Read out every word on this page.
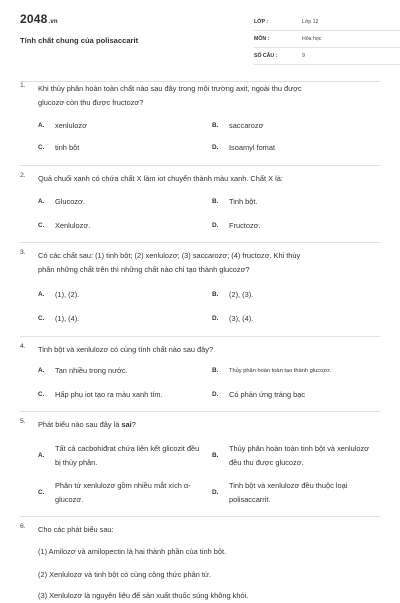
2048.vn
Tính chất chung của polisaccarit
LỚP :	Lớp 12
MÔN :	Hóa học
SỐ CÂU :	9
1. Khi thủy phân hoàn toàn chất nào sau đây trong môi trường axit, ngoài thu được
glucozơ còn thu được fructozơ?
A. xenlulozơ	B. saccarozơ
C. tinh bột	D. Isoamyl fomat
2. Quả chuối xanh có chứa chất X làm iot chuyển thành màu xanh. Chất X là:
A. Glucozơ.	B. Tinh bột.
C. Xenlulozơ.	D. Fructozơ.
3. Có các chất sau: (1) tinh bột; (2) xenlulozơ; (3) saccarozơ; (4) fructozơ. Khi thủy
phân những chất trên thì những chất nào chỉ tạo thành glucozơ?
A. (1), (2).	B. (2), (3).
C. (1), (4).	D. (3), (4).
4. Tinh bột và xenlulozơ có cùng tính chất nào sau đây?
A. Tan nhiều trong nước.	B. Thủy phân hoàn toàn tạo thành glucozơ.
C. Hấp phụ iot tạo ra màu xanh tím.	D. Có phản ứng tráng bạc
5. Phát biểu nào sau đây là sai?
A.
Tất cả cacbohiđrat chứa liên kết glicozit đều bị thủy phân.
B.
Thủy phân hoàn toàn tinh bột và xenlulozơ đều thu được glucozơ.
C.
Phân tử xenlulozơ gồm nhiều mắt xích α-glucozơ.
D.
Tinh bột và xenlulozơ đều thuộc loại polisaccarrit.
6. Cho các phát biểu sau:
(1) Amilozơ và amilopectin là hai thành phần của tinh bột.
(2) Xenlulozơ và tinh bột có cùng công thức phân tử.
(3) Xenlulozơ là nguyên liệu để sản xuất thuốc súng không khói.
